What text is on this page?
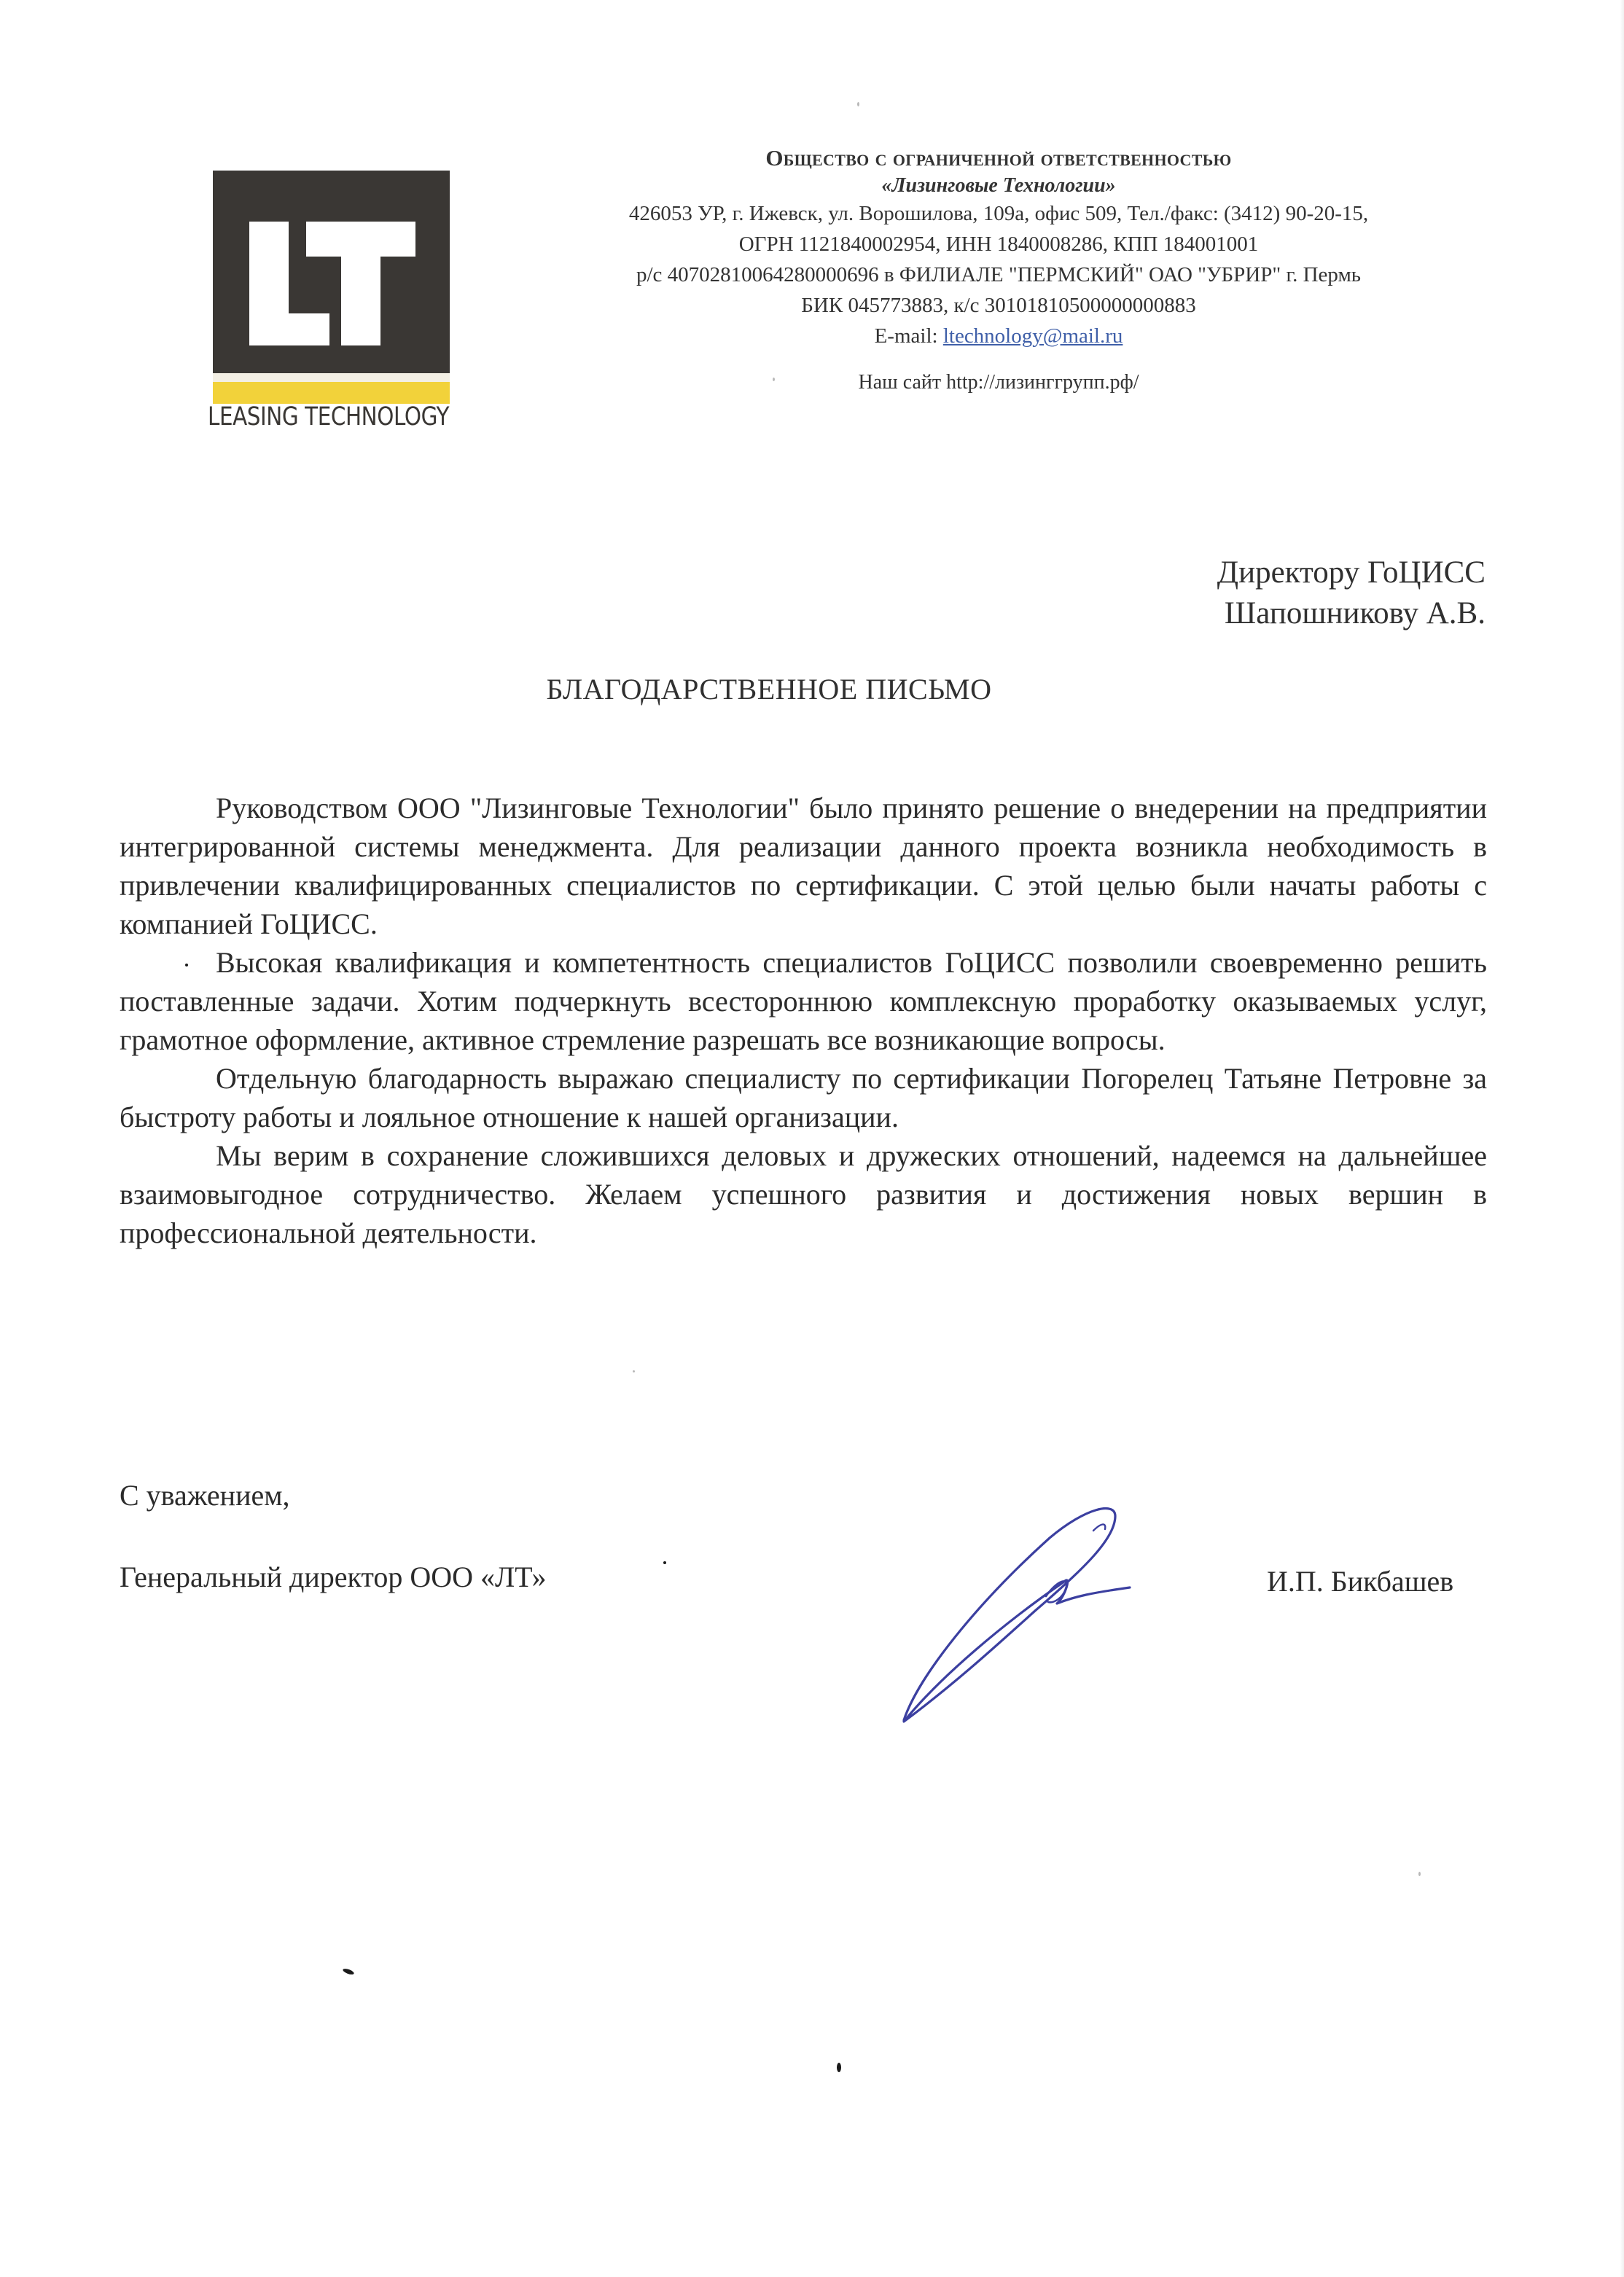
LEASING TECHNOLOGY
Общество с ограниченной ответственностью
«Лизинговые Технологии»
426053 УР, г. Ижевск, ул. Ворошилова, 109а, офис 509, Тел./факс: (3412) 90-20-15,
ОГРН 1121840002954, ИНН 1840008286, КПП 184001001
р/с 40702810064280000696 в ФИЛИАЛЕ "ПЕРМСКИЙ" ОАО "УБРИР" г. Пермь
БИК 045773883, к/с 30101810500000000883
E-mail: ltechnology@mail.ru
Наш сайт http://лизинггрупп.рф/
Директору ГоЦИСС
Шапошникову А.В.
БЛАГОДАРСТВЕННОЕ ПИСЬМО

Руководством ООО "Лизинговые Технологии" было принято решение о внедерении на предприятии интегрированной системы менеджмента. Для реализации данного проекта возникла необходимость в привлечении квалифицированных специалистов по сертификации. С этой целью были начаты работы с компанией ГоЦИСС.

Высокая квалификация и компетентность специалистов ГоЦИСС позволили своевременно решить поставленные задачи. Хотим подчеркнуть всестороннюю комплексную проработку оказываемых услуг, грамотное оформление, активное стремление разрешать все возникающие вопросы.

Отдельную благодарность выражаю специалисту по сертификации Погорелец Татьяне Петровне за быстроту работы и лояльное отношение к нашей организации.

Мы верим в сохранение сложившихся деловых и дружеских отношений, надеемся на дальнейшее взаимовыгодное сотрудничество. Желаем успешного развития и достижения новых вершин в профессиональной деятельности.

С уважением,
Генеральный директор ООО «ЛТ»	И.П. Бикбашев
